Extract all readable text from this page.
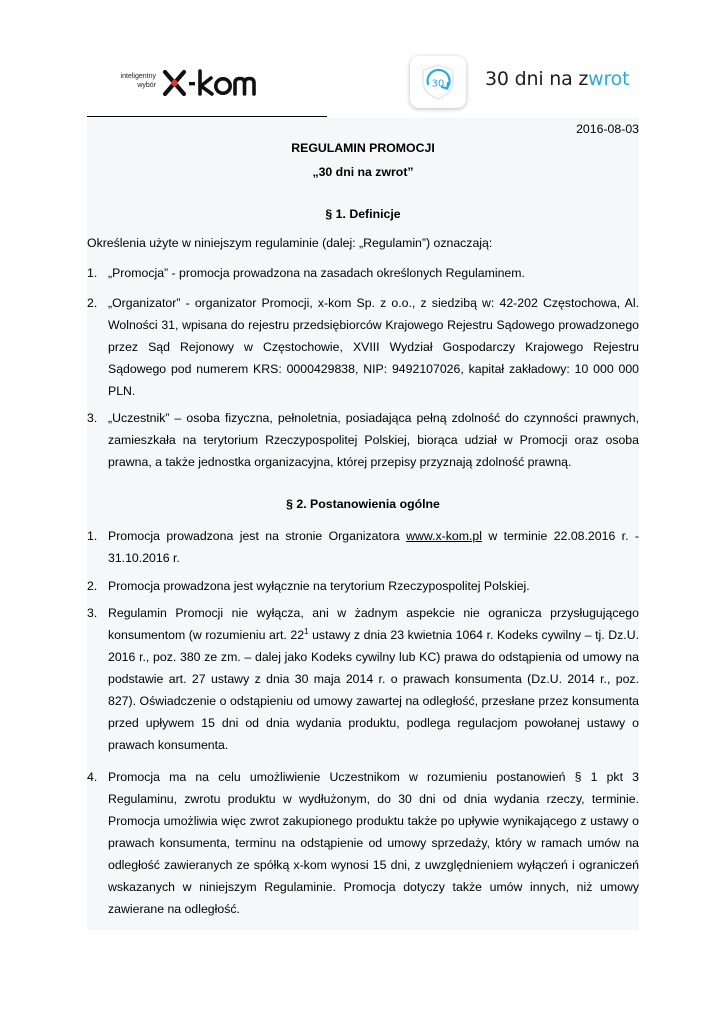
inteligentny
wybór	30 30 dni na zwrot
2016-08-03
REGULAMIN PROMOCJI
„30 dni na zwrot”
§ 1. Definicje
Określenia użyte w niniejszym regulaminie (dalej: „Regulamin”) oznaczają:
1. „Promocja” - promocja prowadzona na zasadach określonych Regulaminem.
2. „Organizator” - organizator Promocji, x-kom Sp. z o.o., z siedzibą w: 42-202 Częstochowa, Al. Wolności 31, wpisana do rejestru przedsiębiorców Krajowego Rejestru Sądowego prowadzonego przez Sąd Rejonowy w Częstochowie, XVIII Wydział Gospodarczy Krajowego Rejestru Sądowego pod numerem KRS: 0000429838, NIP: 9492107026, kapitał zakładowy: 10 000 000 PLN.
3. „Uczestnik” – osoba fizyczna, pełnoletnia, posiadająca pełną zdolność do czynności prawnych, zamieszkała na terytorium Rzeczypospolitej Polskiej, biorąca udział w Promocji oraz osoba prawna, a także jednostka organizacyjna, której przepisy przyznają zdolność prawną.
§ 2. Postanowienia ogólne
1. Promocja prowadzona jest na stronie Organizatora www.x-kom.pl w terminie 22.08.2016 r. - 31.10.2016 r.
2. Promocja prowadzona jest wyłącznie na terytorium Rzeczypospolitej Polskiej.
3. Regulamin Promocji nie wyłącza, ani w żadnym aspekcie nie ogranicza przysługującego konsumentom (w rozumieniu art. $22^1$ ustawy z dnia 23 kwietnia 1064 r. Kodeks cywilny – tj. Dz.U. 2016 r., poz. 380 ze zm. – dalej jako Kodeks cywilny lub KC) prawa do odstąpienia od umowy na podstawie art. 27 ustawy z dnia 30 maja 2014 r. o prawach konsumenta (Dz.U. 2014 r., poz. 827). Oświadczenie o odstąpieniu od umowy zawartej na odległość, przesłane przez konsumenta przed upływem 15 dni od dnia wydania produktu, podlega regulacjom powołanej ustawy o prawach konsumenta.
4. Promocja ma na celu umożliwienie Uczestnikom w rozumieniu postanowień § 1 pkt 3 Regulaminu, zwrotu produktu w wydłużonym, do 30 dni od dnia wydania rzeczy, terminie. Promocja umożliwia więc zwrot zakupionego produktu także po upływie wynikającego z ustawy o prawach konsumenta, terminu na odstąpienie od umowy sprzedaży, który w ramach umów na odległość zawieranych ze spółką x-kom wynosi 15 dni, z uwzględnieniem wyłączeń i ograniczeń wskazanych w niniejszym Regulaminie. Promocja dotyczy także umów innych, niż umowy zawierane na odległość.
